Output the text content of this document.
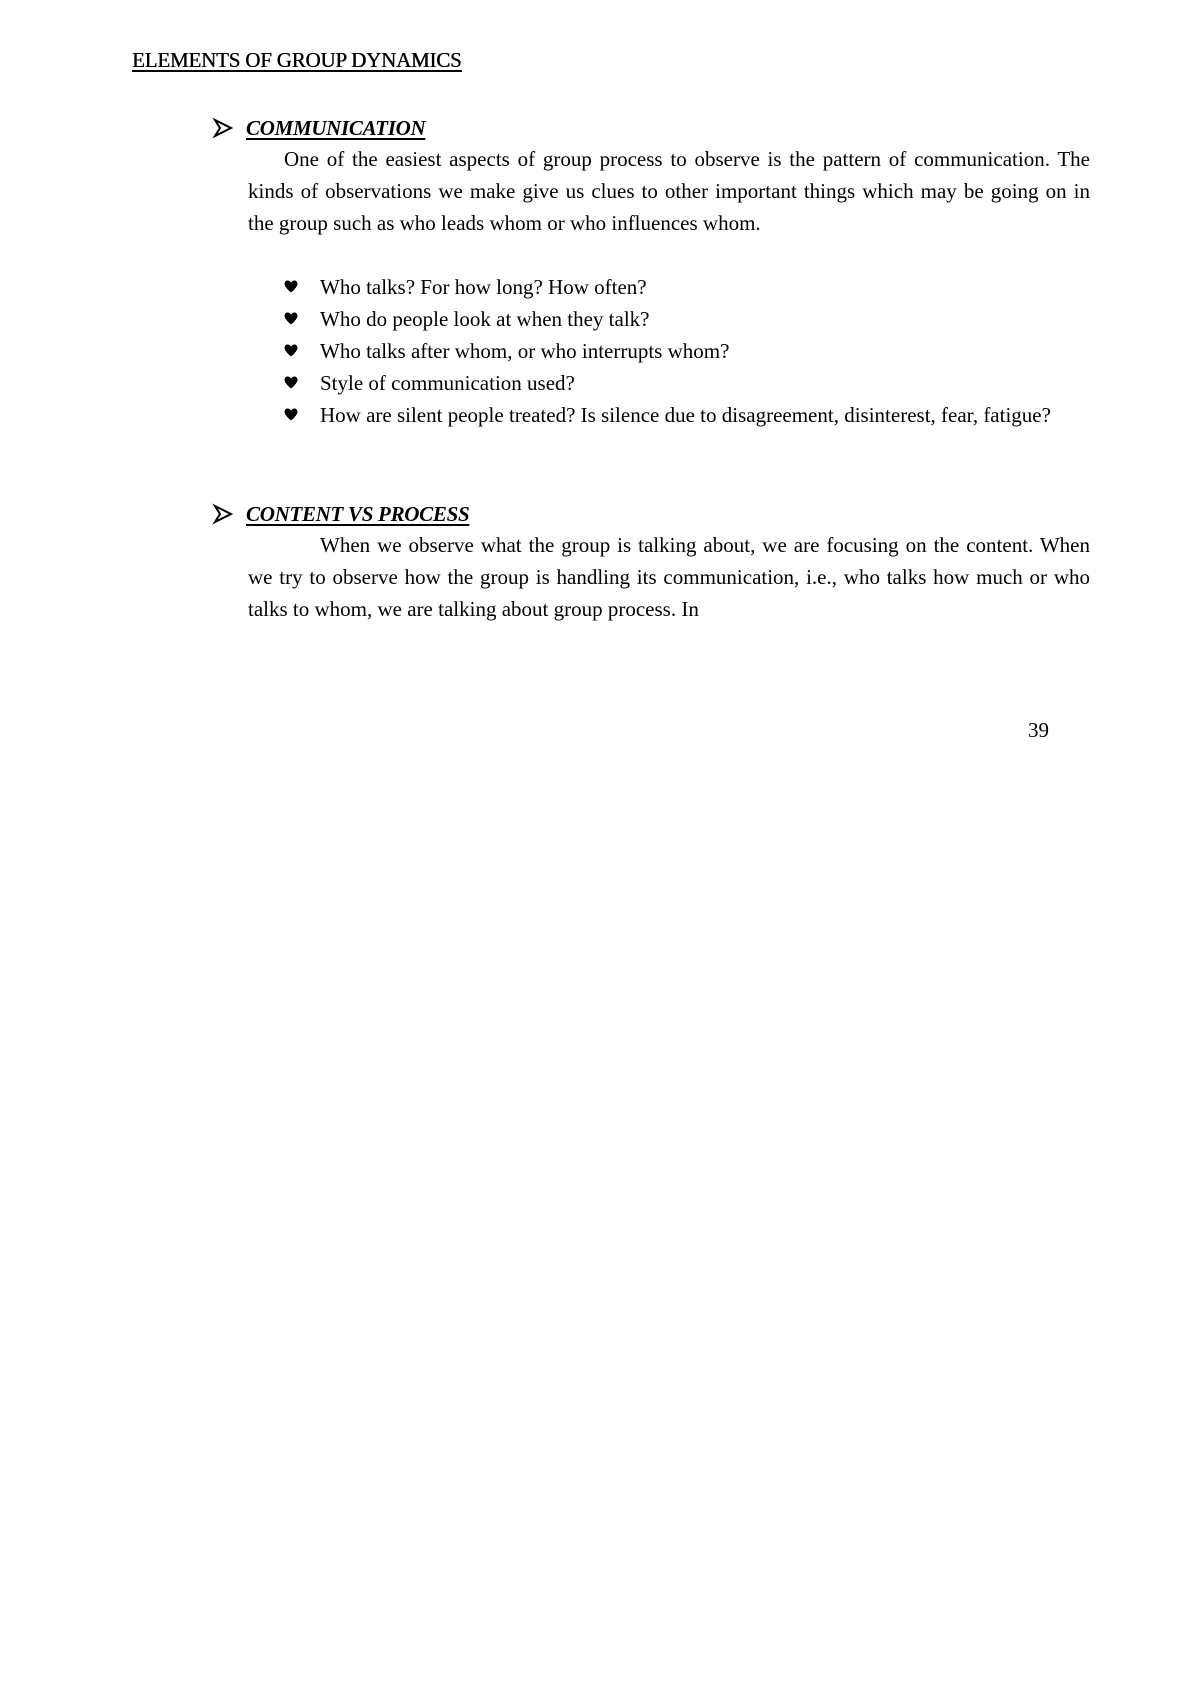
ELEMENTS OF GROUP DYNAMICS
COMMUNICATION

One of the easiest aspects of group process to observe is the pattern of communication. The kinds of observations we make give us clues to other important things which may be going on in the group such as who leads whom or who influences whom.

Who talks? For how long? How often?
Who do people look at when they talk?
Who talks after whom, or who interrupts whom?
Style of communication used?
How are silent people treated? Is silence due to disagreement, disinterest, fear, fatigue?
CONTENT VS PROCESS

When we observe what the group is talking about, we are focusing on the content. When we try to observe how the group is handling its communication, i.e., who talks how much or who talks to whom, we are talking about group process. In

39
